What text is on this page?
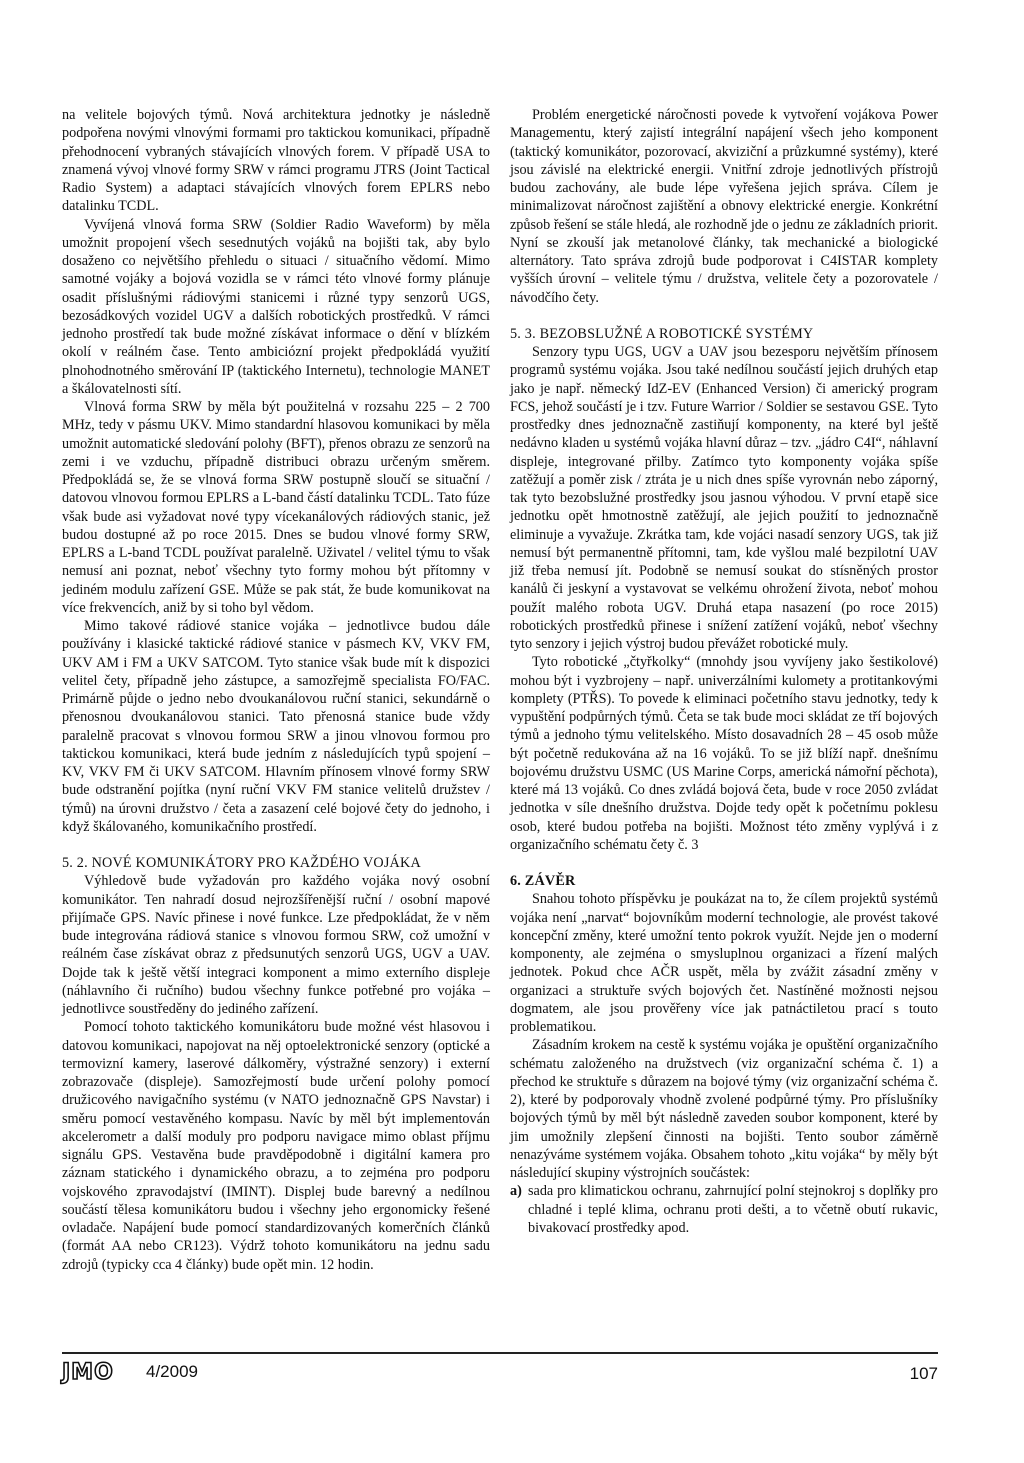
na velitele bojových týmů. Nová architektura jednotky je následně podpořena novými vlnovými formami pro taktickou komunikaci, případně přehodnocení vybraných stávajících vlnových forem. V případě USA to znamená vývoj vlnové formy SRW v rámci programu JTRS (Joint Tactical Radio System) a adaptaci stávajících vlnových forem EPLRS nebo datalinku TCDL.

Vyvíjená vlnová forma SRW (Soldier Radio Waveform) by měla umožnit propojení všech sesednutých vojáků na bojišti tak, aby bylo dosaženo co největšího přehledu o situaci / situačního vědomí. Mimo samotné vojáky a bojová vozidla se v rámci této vlnové formy plánuje osadit příslušnými rádiovými stanicemi i různé typy senzorů UGS, bezosádkových vozidel UGV a dalších robotických prostředků. V rámci jednoho prostředí tak bude možné získávat informace o dění v blízkém okolí v reálném čase. Tento ambiciózní projekt předpokládá využití plnohodnotného směrování IP (taktického Internetu), technologie MANET a škálovatelnosti sítí.

Vlnová forma SRW by měla být použitelná v rozsahu 225 – 2 700 MHz, tedy v pásmu UKV. Mimo standardní hlasovou komunikaci by měla umožnit automatické sledování polohy (BFT), přenos obrazu ze senzorů na zemi i ve vzduchu, případně distribuci obrazu určeným směrem. Předpokládá se, že se vlnová forma SRW postupně sloučí se situační / datovou vlnovou formou EPLRS a L-band částí datalinku TCDL. Tato fúze však bude asi vyžadovat nové typy vícekanálových rádiových stanic, jež budou dostupné až po roce 2015. Dnes se budou vlnové formy SRW, EPLRS a L-band TCDL používat paralelně. Uživatel / velitel týmu to však nemusí ani poznat, neboť všechny tyto formy mohou být přítomny v jediném modulu zařízení GSE. Může se pak stát, že bude komunikovat na více frekvencích, aniž by si toho byl vědom.

Mimo takové rádiové stanice vojáka – jednotlivce budou dále používány i klasické taktické rádiové stanice v pásmech KV, VKV FM, UKV AM i FM a UKV SATCOM. Tyto stanice však bude mít k dispozici velitel čety, případně jeho zástupce, a samozřejmě specialista FO/FAC. Primárně půjde o jedno nebo dvoukanálovou ruční stanici, sekundárně o přenosnou dvoukanálovou stanici. Tato přenosná stanice bude vždy paralelně pracovat s vlnovou formou SRW a jinou vlnovou formou pro taktickou komunikaci, která bude jedním z následujících typů spojení – KV, VKV FM či UKV SATCOM. Hlavním přínosem vlnové formy SRW bude odstranění pojítka (nyní ruční VKV FM stanice velitelů družstev / týmů) na úrovni družstvo / četa a zasazení celé bojové čety do jednoho, i když škálovaného, komunikačního prostředí.

5. 2. NOVÉ KOMUNIKÁTORY PRO KAŽDÉHO VOJÁKA

Výhledově bude vyžadován pro každého vojáka nový osobní komunikátor. Ten nahradí dosud nejrozšířenější ruční / osobní mapové přijímače GPS. Navíc přinese i nové funkce. Lze předpokládat, že v něm bude integrována rádiová stanice s vlnovou formou SRW, což umožní v reálném čase získávat obraz z předsunutých senzorů UGS, UGV a UAV. Dojde tak k ještě větší integraci komponent a mimo externího displeje (náhlavního či ručního) budou všechny funkce potřebné pro vojáka – jednotlivce soustředěny do jediného zařízení.

Pomocí tohoto taktického komunikátoru bude možné vést hlasovou i datovou komunikaci, napojovat na něj optoelektronické senzory (optické a termovizní kamery, laserové dálkoměry, výstražné senzory) i externí zobrazovače (displeje). Samozřejmostí bude určení polohy pomocí družicového navigačního systému (v NATO jednoznačně GPS Navstar) i směru pomocí vestavěného kompasu. Navíc by měl být implementován akcelerometr a další moduly pro podporu navigace mimo oblast příjmu signálu GPS. Vestavěna bude pravděpodobně i digitální kamera pro záznam statického i dynamického obrazu, a to zejména pro podporu vojskového zpravodajství (IMINT). Displej bude barevný a nedílnou součástí tělesa komunikátoru budou i všechny jeho ergonomicky řešené ovladače. Napájení bude pomocí standardizovaných komerčních článků (formát AA nebo CR123). Výdrž tohoto komunikátoru na jednu sadu zdrojů (typicky cca 4 články) bude opět min. 12 hodin.

Problém energetické náročnosti povede k vytvoření vojákova Power Managementu, který zajistí integrální napájení všech jeho komponent (taktický komunikátor, pozorovací, akviziční a průzkumné systémy), které jsou závislé na elektrické energii. Vnitřní zdroje jednotlivých přístrojů budou zachovány, ale bude lépe vyřešena jejich správa. Cílem je minimalizovat náročnost zajištění a obnovy elektrické energie. Konkrétní způsob řešení se stále hledá, ale rozhodně jde o jednu ze základních priorit. Nyní se zkouší jak metanolové články, tak mechanické a biologické alternátory. Tato správa zdrojů bude podporovat i C4ISTAR komplety vyšších úrovní – velitele týmu / družstva, velitele čety a pozorovatele / návodčího čety.

5. 3. BEZOBSLUŽNÉ A ROBOTICKÉ SYSTÉMY

Senzory typu UGS, UGV a UAV jsou bezesporu největším přínosem programů systému vojáka. Jsou také nedílnou součástí jejich druhých etap jako je např. německý IdZ-EV (Enhanced Version) či americký program FCS, jehož součástí je i tzv. Future Warrior / Soldier se sestavou GSE. Tyto prostředky dnes jednoznačně zastiňují komponenty, na které byl ještě nedávno kladen u systémů vojáka hlavní důraz – tzv. „jádro C4I“, náhlavní displeje, integrované přilby. Zatímco tyto komponenty vojáka spíše zatěžují a poměr zisk / ztráta je u nich dnes spíše vyrovnán nebo záporný, tak tyto bezobslužné prostředky jsou jasnou výhodou. V první etapě sice jednotku opět hmotnostně zatěžují, ale jejich použití to jednoznačně eliminuje a vyvažuje. Zkrátka tam, kde vojáci nasadí senzory UGS, tak již nemusí být permanentně přítomni, tam, kde vyšlou malé bezpilotní UAV již třeba nemusí jít. Podobně se nemusí soukat do stísněných prostor kanálů či jeskyní a vystavovat se velkému ohrožení života, neboť mohou použít malého robota UGV. Druhá etapa nasazení (po roce 2015) robotických prostředků přinese i snížení zatížení vojáků, neboť všechny tyto senzory i jejich výstroj budou převážet robotické muly.

Tyto robotické „čtyřkolky“ (mnohdy jsou vyvíjeny jako šestikolové) mohou být i vyzbrojeny – např. univerzálními kulomety a protitankovými komplety (PTŘS). To povede k eliminaci početního stavu jednotky, tedy k vypuštění podpůrných týmů. Četa se tak bude moci skládat ze tří bojových týmů a jednoho týmu velitelského. Místo dosavadních 28 – 45 osob může být početně redukována až na 16 vojáků. To se již blíží např. dnešnímu bojovému družstvu USMC (US Marine Corps, americká námořní pěchota), které má 13 vojáků. Co dnes zvládá bojová četa, bude v roce 2050 zvládat jednotka v síle dnešního družstva. Dojde tedy opět k početnímu poklesu osob, které budou potřeba na bojišti. Možnost této změny vyplývá i z organizačního schématu čety č. 3

6. ZÁVĚR

Snahou tohoto příspěvku je poukázat na to, že cílem projektů systémů vojáka není „narvat“ bojovníkům moderní technologie, ale provést takové koncepční změny, které umožní tento pokrok využít. Nejde jen o moderní komponenty, ale zejména o smysluplnou organizaci a řízení malých jednotek. Pokud chce AČR uspět, měla by zvážit zásadní změny v organizaci a struktuře svých bojových čet. Nastíněné možnosti nejsou dogmatem, ale jsou prověřeny více jak patnáctiletou prací s touto problematikou.

Zásadním krokem na cestě k systému vojáka je opuštění organizačního schématu založeného na družstvech (viz organizační schéma č. 1) a přechod ke struktuře s důrazem na bojové týmy (viz organizační schéma č. 2), které by podporovaly vhodně zvolené podpůrné týmy. Pro příslušníky bojových týmů by měl být následně zaveden soubor komponent, které by jim umožnily zlepšení činnosti na bojišti. Tento soubor záměrně nenazýváme systémem vojáka. Obsahem tohoto „kitu vojáka“ by měly být následující skupiny výstrojních součástek:

a) sada pro klimatickou ochranu, zahrnující polní stejnokroj s doplňky pro chladné i teplé klima, ochranu proti dešti, a to včetně obutí rukavic, bivakovací prostředky apod.
JMO 4/2009	107
